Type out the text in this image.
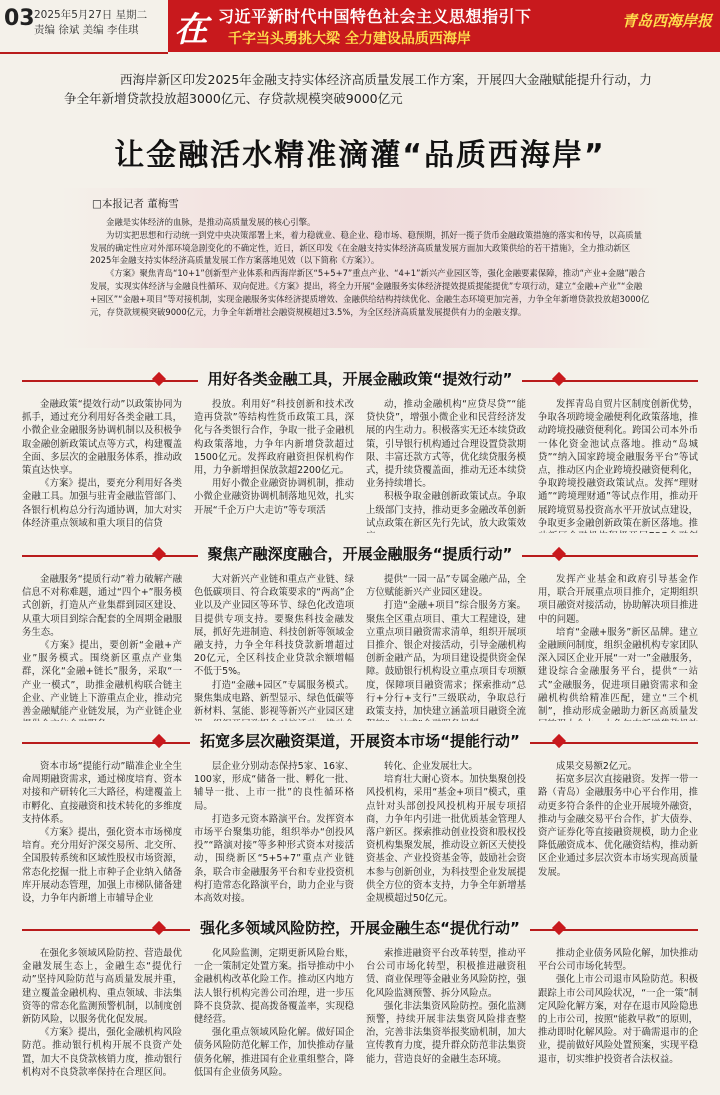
03 2025年5月27日 星期二
责编 徐斌 美编 李佳琪 在 习近平新时代中国特色社会主义思想指引下
千字当头勇挑大梁 全力建设品质西海岸
青岛西海岸报
西海岸新区印发2025年金融支持实体经济高质量发展工作方案，开展四大金融赋能提升行动，力争全年新增贷款投放超3000亿元、存贷款规模突破9000亿元
让金融活水精准滴灌“品质西海岸”
□本报记者 董梅雪

金融是实体经济的血脉，是推动高质量发展的核心引擎。

为切实把思想和行动统一到党中央决策部署上来，着力稳就业、稳企业、稳市场、稳预期，抓好一揽子货币金融政策措施的落实和传导，以高质量发展的确定性应对外部环境急剧变化的不确定性，近日，新区印发《在金融支持实体经济高质量发展方面加大政策供给的若干措施》，全力推动新区2025年金融支持实体经济高质量发展工作方案落地见效（以下简称《方案》）。

《方案》聚焦青岛“10+1”创新型产业体系和西海岸新区“5+5+7”重点产业、“4+1”新兴产业园区等，强化金融要素保障，推动“产业+金融”融合发展，实现实体经济与金融良性循环、双向促进。《方案》提出，将全力开展“金融服务实体经济提效提质提能提优”专项行动，建立“金融+产业”“金融+园区”“金融+项目”等对接机制，实现金融服务实体经济提质增效、金融供给结构持续优化、金融生态环境更加完善，力争全年新增贷款投放超3000亿元，存贷款规模突破9000亿元，力争全年新增社会融资规模超过3.5%，为全区经济高质量发展提供有力的金融支撑。

用好各类金融工具，开展金融政策“提效行动”

金融政策“提效行动”以政策协同为抓手，通过充分利用好各类金融工具，小微企业金融服务协调机制以及积极争取金融创新政策试点等方式，构建覆盖全面、多层次的金融服务体系，推动政策直达快享。

《方案》提出，要充分利用好各类金融工具。加强与驻青金融监管部门、各银行机构总分行沟通协调，加大对实体经济重点领域和重大项目的信贷

投放。利用好“科技创新和技术改造再贷款”等结构性货币政策工具，深化与各类银行合作，争取一批子金融机构政策落地，力争年内新增贷款超过1500亿元。发挥政府融资担保机构作用，力争新增担保放款超2200亿元。

用好小微企业融资协调机制，推动小微企业融资协调机制落地见效，扎实开展“千企万户大走访”等专项活

动，推动金融机构“应贷尽贷”“能贷快贷”，增强小微企业和民营经济发展的内生动力。积极落实无还本续贷政策，引导银行机构通过合理设置贷款期限、丰富还款方式等，优化续贷服务模式，提升续贷覆盖面，推动无还本续贷业务持续增长。

积极争取金融创新政策试点。争取上级部门支持，推动更多金融改革创新试点政策在新区先行先试，放大政策效

发挥青岛自贸片区制度创新优势，争取各项跨境金融便利化政策落地，推动跨境投融资便利化。跨国公司本外币一体化资金池试点落地。推动“岛城贷”“纳入国家跨境金融服务平台”等试点，推动区内企业跨境投融资便利化，争取跨境投融资政策试点。发挥“理财通”“跨境理财通”等试点作用，推动开展跨境贸易投资高水平开放试点建设，争取更多金融创新政策在新区落地。推

聚焦产融深度融合，开展金融服务“提质行动”

金融服务“提质行动”着力破解产融信息不对称难题，通过“四个+”服务模式创新，打造从产业集群到园区建设、从重大项目到综合配套的全周期金融服务生态。

《方案》提出，要创新“金融+产业”服务模式。围绕新区重点产业集群，深化“金融+链长”服务，采取“一产业一模式”，助推金融机构联合链主企业、产业链上下游重点企业，推动完善金融赋能产业链发展，为产业链企业

大对新兴产业链和重点产业链、绿色低碳项目、符合政策要求的“两高”企业以及产业园区等环节、绿色化改造项目提供专项支持。要聚焦科技金融发展，抓好先进制造、科技创新等领域金融支持，力争全年科技贷款新增超过20亿元，全区科技企业贷款余额增幅不低于5%。

打造“金融+园区”专属服务模式。聚焦集成电路、新型显示、绿色低碳等新材料、氢能、影视等新兴产业园区建

提供“一园一品”专属金融产品，全方位赋能新兴产业园区建设。

打造“金融+项目”综合服务方案。聚焦全区重点项目、重大工程建设，建立重点项目融资需求清单，组织开展项目推介、银企对接活动，引导金融机构创新金融产品，为项目建设提供资金保障。鼓励银行机构设立重点项目专项额度，保障项目融资需求；探索推动“总行+分行+支行”三级联动，争取总行政策支持，加快建立涵盖项目融资全流

发挥产业基金和政府引导基金作用，联合开展重点项目推介，定期组织项目融资对接活动，协助解决项目推进中的问题。

培育“金融+服务”新区品牌。建立金融顾问制度，组织金融机构专家团队深入园区企业开展“一对一”金融服务，建设综合金融服务平台，提供“一站式”金融服务，促进项目融资需求和金融机构供给精准匹配，建立“三个机制”，推动形成金融助力新区高质量发

拓宽多层次融资渠道，开展资本市场“提能行动”

资本市场“提能行动”瞄准企业全生命周期融资需求，通过梯度培育、资本对接和产研转化三大路径，构建覆盖上市孵化、直接融资和技术转化的多维度支持体系。

《方案》提出，强化资本市场梯度培育。充分用好沪深交易所、北交所、全国股转系统和区域性股权市场资源，常态化挖掘一批上市种子企业纳入储备库开展动态管理，加强上市梯队储备建设，力争年内新增上市辅导企业

层企业分别动态保持5家、16家、100家，形成“储备一批、孵化一批、辅导一批、上市一批”的良性循环格局。

打造多元资本路演平台。发挥资本市场平台聚集功能，组织举办“创投风投”“路演对接”等多种形式资本对接活动，围绕新区“5+5+7”重点产业链条，联合市金融服务平台和专业投资机构打造常态化路演平台，助力企业与资本高效对接。

转化、企业发展壮大。

培育壮大耐心资本。加快集聚创投风投机构，采用“基金+项目”模式，重点针对头部创投风投机构开展专项招商，力争年内引进一批优质基金管理人落户新区。探索推动创业投资和股权投资机构集聚发展，推动设立新区天使投资基金、产业投资基金等，鼓励社会资本参与创新创业，为科技型企业发展提供全方位的资本支持，力争全年新增基金规模超过50亿元。

成果交易额2亿元。

拓宽多层次直接融资。发挥一带一路（青岛）金融服务中心平台作用，推动更多符合条件的企业开展境外融资，推动与金融交易平台合作，扩大债券、资产证券化等直接融资规模，助力企业降低融资成本、优化融资结构，推动新区企业通过多层次资本市场实现高质量发展。

强化多领域风险防控，开展金融生态“提优行动”

在强化多领域风险防控、营造最优金融发展生态上，金融生态“提优行动”坚持风险防范与高质量发展并重，建立覆盖金融机构、重点领域、非法集资等的常态化监测预警机制，以制度创新防风险，以服务优化促发展。

《方案》提出，强化金融机构风险防范。推动银行机构开展不良资产处置，加大不良贷款核销力度，推动银行机构对不良贷款率保持在合理区间。

化风险监测，定期更新风险台账，一企一策制定处置方案。指导推动中小金融机构改革化险工作。推动区内地方法人银行机构完善公司治理，进一步压降不良贷款、提高拨备覆盖率，实现稳健经营。

强化重点领域风险化解。做好国企债务风险防范化解工作，加快推动存量债务化解，推进国有企业重组整合，降低国有企业债务风险。

索推进融资平台改革转型，推动平台公司市场化转型，积极推进融资租赁、商业保理等金融业务风险防控，强化风险监测预警、拆分风险点。

强化非法集资风险防控。强化监测预警，持续开展非法集资风险排查整治，完善非法集资举报奖励机制，加大宣传教育力度，提升群众防范非法集资能力，营造良好的金融生态环境。

推动企业债务风险化解，加快推动平台公司市场化转型。

强化上市公司退市风险防范。积极跟踪上市公司风险状况，“一企一策”制定风险化解方案，对存在退市风险隐患的上市公司，按照“能救早救”的原则，推动即时化解风险。对于确需退市的企业，提前做好风险处置预案，实现平稳退市，切实维护投资者合法权益。
